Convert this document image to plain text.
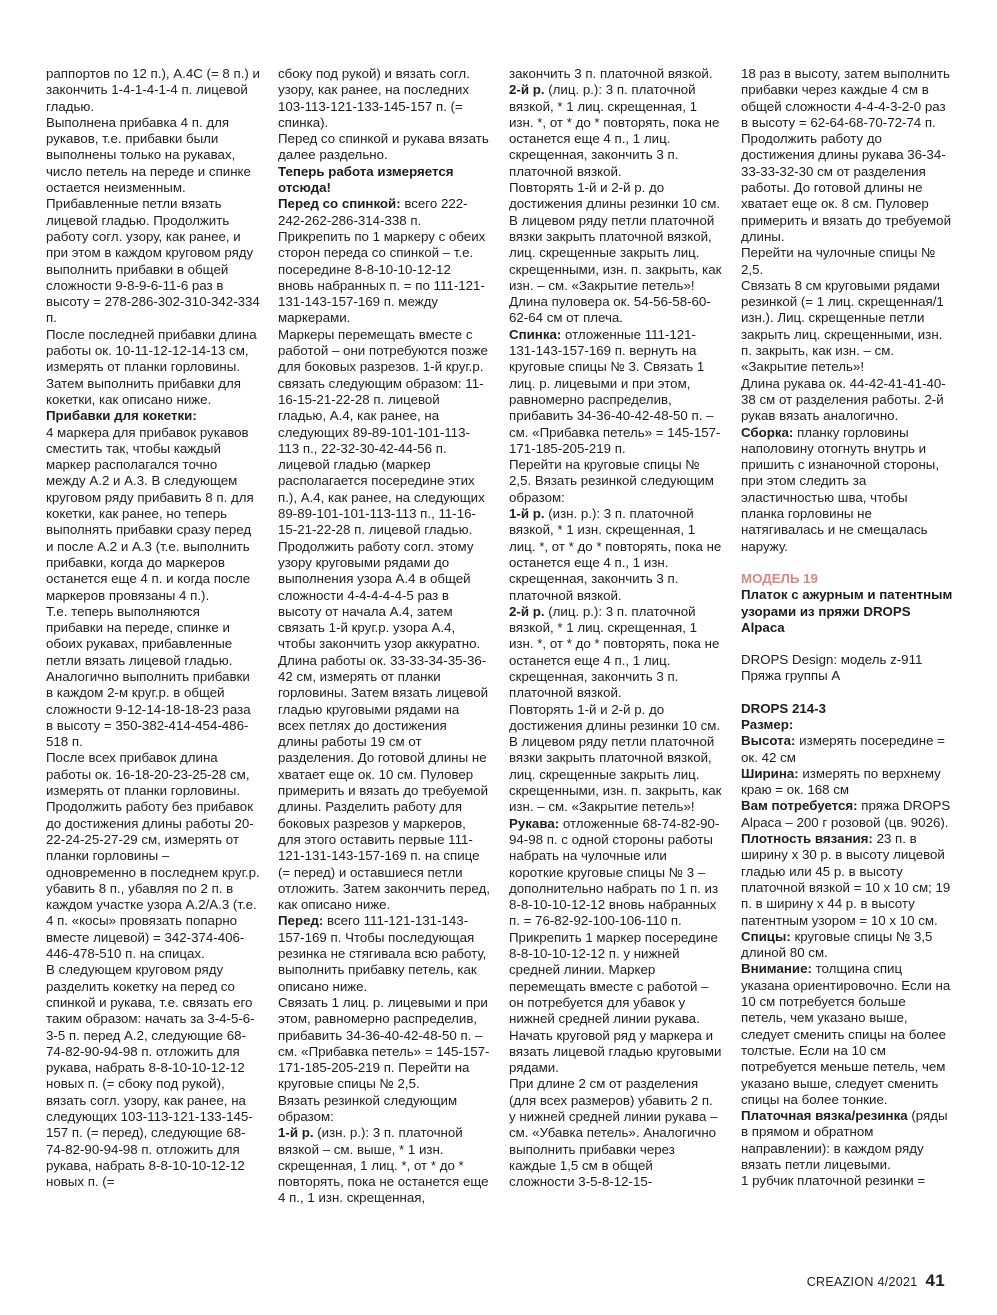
раппортов по 12 п.), А.4С (= 8 п.) и закончить 1-4-1-4-1-4 п. лицевой гладью.

Выполнена прибавка 4 п. для рукавов, т.е. прибавки были выполнены только на рукавах, число петель на переде и спинке остается неизменным. Прибавленные петли вязать лицевой гладью. Продолжить работу согл. узору, как ранее, и при этом в каждом круговом ряду выполнить прибавки в общей сложности 9-8-9-6-11-6 раз в высоту = 278-286-302-310-342-334 п.

После последней прибавки длина работы ок. 10-11-12-12-14-13 см, измерять от планки горловины. Затем выполнить прибавки для кокетки, как описано ниже.

Прибавки для кокетки:

4 маркера для прибавок рукавов сместить так, чтобы каждый маркер располагался точно между А.2 и А.3. В следующем круговом ряду прибавить 8 п. для кокетки, как ранее, но теперь выполнять прибавки сразу перед и после А.2 и А.3 (т.е. выполнить прибавки, когда до маркеров останется еще 4 п. и когда после маркеров провязаны 4 п.).

Т.е. теперь выполняются прибавки на переде, спинке и обоих рукавах, прибавленные петли вязать лицевой гладью. Аналогично выполнить прибавки в каждом 2-м круг.р. в общей сложности 9-12-14-18-18-23 раза в высоту = 350-382-414-454-486-518 п.

После всех прибавок длина работы ок. 16-18-20-23-25-28 см, измерять от планки горловины. Продолжить работу без прибавок до достижения длины работы 20-22-24-25-27-29 см, измерять от планки горловины – одновременно в последнем круг.р. убавить 8 п., убавляя по 2 п. в каждом участке узора А.2/А.3 (т.е. 4 п. «косы» провязать попарно вместе лицевой) = 342-374-406-446-478-510 п. на спицах.

В следующем круговом ряду разделить кокетку на перед со спинкой и рукава, т.е. связать его таким образом: начать за 3-4-5-6-3-5 п. перед А.2, следующие 68-74-82-90-94-98 п. отложить для рукава, набрать 8-8-10-10-12-12 новых п. (= сбоку под рукой), вязать согл. узору, как ранее, на следующих 103-113-121-133-145-157 п. (= перед), следующие 68-74-82-90-94-98 п. отложить для рукава, набрать 8-8-10-10-12-12 новых п. (=

сбоку под рукой) и вязать согл. узору, как ранее, на последних 103-113-121-133-145-157 п. (= спинка).

Перед со спинкой и рукава вязать далее раздельно.

Теперь работа измеряется отсюда!

Перед со спинкой: всего 222-242-262-286-314-338 п. Прикрепить по 1 маркеру с обеих сторон переда со спинкой – т.е. посередине 8-8-10-10-12-12 вновь набранных п. = по 111-121-131-143-157-169 п. между маркерами.

Маркеры перемещать вместе с работой – они потребуются позже для боковых разрезов. 1-й круг.р. связать следующим образом: 11-16-15-21-22-28 п. лицевой гладью, А.4, как ранее, на следующих 89-89-101-101-113-113 п., 22-32-30-42-44-56 п. лицевой гладью (маркер располагается посередине этих п.), А.4, как ранее, на следующих 89-89-101-101-113-113 п., 11-16-15-21-22-28 п. лицевой гладью. Продолжить работу согл. этому узору круговыми рядами до выполнения узора А.4 в общей сложности 4-4-4-4-4-5 раз в высоту от начала А.4, затем связать 1-й круг.р. узора А.4, чтобы закончить узор аккуратно. Длина работы ок. 33-33-34-35-36-42 см, измерять от планки горловины. Затем вязать лицевой гладью круговыми рядами на всех петлях до достижения длины работы 19 см от разделения. До готовой длины не хватает еще ок. 10 см. Пуловер примерить и вязать до требуемой длины. Разделить работу для боковых разрезов у маркеров, для этого оставить первые 111-121-131-143-157-169 п. на спице (= перед) и оставшиеся петли отложить. Затем закончить перед, как описано ниже.

Перед: всего 111-121-131-143-157-169 п. Чтобы последующая резинка не стягивала всю работу, выполнить прибавку петель, как описано ниже.

Связать 1 лиц. р. лицевыми и при этом, равномерно распределив, прибавить 34-36-40-42-48-50 п. – см. «Прибавка петель» = 145-157-171-185-205-219 п. Перейти на круговые спицы № 2,5.

Вязать резинкой следующим образом:

1-й р. (изн. р.): 3 п. платочной вязкой – см. выше, * 1 изн. скрещенная, 1 лиц. *, от * до * повторять, пока не останется еще 4 п., 1 изн. скрещенная,

закончить 3 п. платочной вязкой.

2-й р. (лиц. р.): 3 п. платочной вязкой, * 1 лиц. скрещенная, 1 изн. *, от * до * повторять, пока не останется еще 4 п., 1 лиц. скрещенная, закончить 3 п. платочной вязкой.

Повторять 1-й и 2-й р. до достижения длины резинки 10 см. В лицевом ряду петли платочной вязки закрыть платочной вязкой, лиц. скрещенные закрыть лиц. скрещенными, изн. п. закрыть, как изн. – см. «Закрытие петель»!

Длина пуловера ок. 54-56-58-60-62-64 см от плеча.

Спинка: отложенные 111-121-131-143-157-169 п. вернуть на круговые спицы № 3. Связать 1 лиц. р. лицевыми и при этом, равномерно распределив, прибавить 34-36-40-42-48-50 п. – см. «Прибавка петель» = 145-157-171-185-205-219 п.

Перейти на круговые спицы № 2,5. Вязать резинкой следующим образом:

1-й р. (изн. р.): 3 п. платочной вязкой, * 1 изн. скрещенная, 1 лиц. *, от * до * повторять, пока не останется еще 4 п., 1 изн. скрещенная, закончить 3 п. платочной вязкой.

2-й р. (лиц. р.): 3 п. платочной вязкой, * 1 лиц. скрещенная, 1 изн. *, от * до * повторять, пока не останется еще 4 п., 1 лиц. скрещенная, закончить 3 п. платочной вязкой.

Повторять 1-й и 2-й р. до достижения длины резинки 10 см. В лицевом ряду петли платочной вязки закрыть платочной вязкой, лиц. скрещенные закрыть лиц. скрещенными, изн. п. закрыть, как изн. – см. «Закрытие петель»!

Рукава: отложенные 68-74-82-90-94-98 п. с одной стороны работы набрать на чулочные или короткие круговые спицы № 3 – дополнительно набрать по 1 п. из 8-8-10-10-12-12 вновь набранных п. = 76-82-92-100-106-110 п.

Прикрепить 1 маркер посередине 8-8-10-10-12-12 п. у нижней средней линии. Маркер перемещать вместе с работой – он потребуется для убавок у нижней средней линии рукава. Начать круговой ряд у маркера и вязать лицевой гладью круговыми рядами.

При длине 2 см от разделения (для всех размеров) убавить 2 п. у нижней средней линии рукава – см. «Убавка петель». Аналогично выполнить прибавки через каждые 1,5 см в общей сложности 3-5-8-12-15-

18 раз в высоту, затем выполнить прибавки через каждые 4 см в общей сложности 4-4-4-3-2-0 раз в высоту = 62-64-68-70-72-74 п. Продолжить работу до достижения длины рукава 36-34-33-33-32-30 см от разделения работы. До готовой длины не хватает еще ок. 8 см. Пуловер примерить и вязать до требуемой длины.

Перейти на чулочные спицы № 2,5.

Связать 8 см круговыми рядами резинкой (= 1 лиц. скрещенная/1 изн.). Лиц. скрещенные петли закрыть лиц. скрещенными, изн. п. закрыть, как изн. – см. «Закрытие петель»!

Длина рукава ок. 44-42-41-41-40-38 см от разделения работы. 2-й рукав вязать аналогично.

Сборка: планку горловины наполовину отогнуть внутрь и пришить с изнаночной стороны, при этом следить за эластичностью шва, чтобы планка горловины не натягивалась и не смещалась наружу.

МОДЕЛЬ 19

Платок с ажурным и патентным узорами из пряжи DROPS Alpaca

DROPS Design: модель z-911

Пряжа группы А

DROPS 214-3

Размер:

Высота: измерять посередине = ок. 42 см

Ширина: измерять по верхнему краю = ок. 168 см

Вам потребуется: пряжа DROPS Alpaca – 200 г розовой (цв. 9026).

Плотность вязания: 23 п. в ширину х 30 р. в высоту лицевой гладью или 45 р. в высоту платочной вязкой = 10 х 10 см; 19 п. в ширину х 44 р. в высоту патентным узором = 10 х 10 см.

Спицы: круговые спицы № 3,5 длиной 80 см.

Внимание: толщина спиц указана ориентировочно. Если на 10 см потребуется больше петель, чем указано выше, следует сменить спицы на более толстые. Если на 10 см потребуется меньше петель, чем указано выше, следует сменить спицы на более тонкие.

Платочная вязка/резинка (ряды в прямом и обратном направлении): в каждом ряду вязать петли лицевыми.

1 рубчик платочной резинки =

CREAZION 4/2021 41
